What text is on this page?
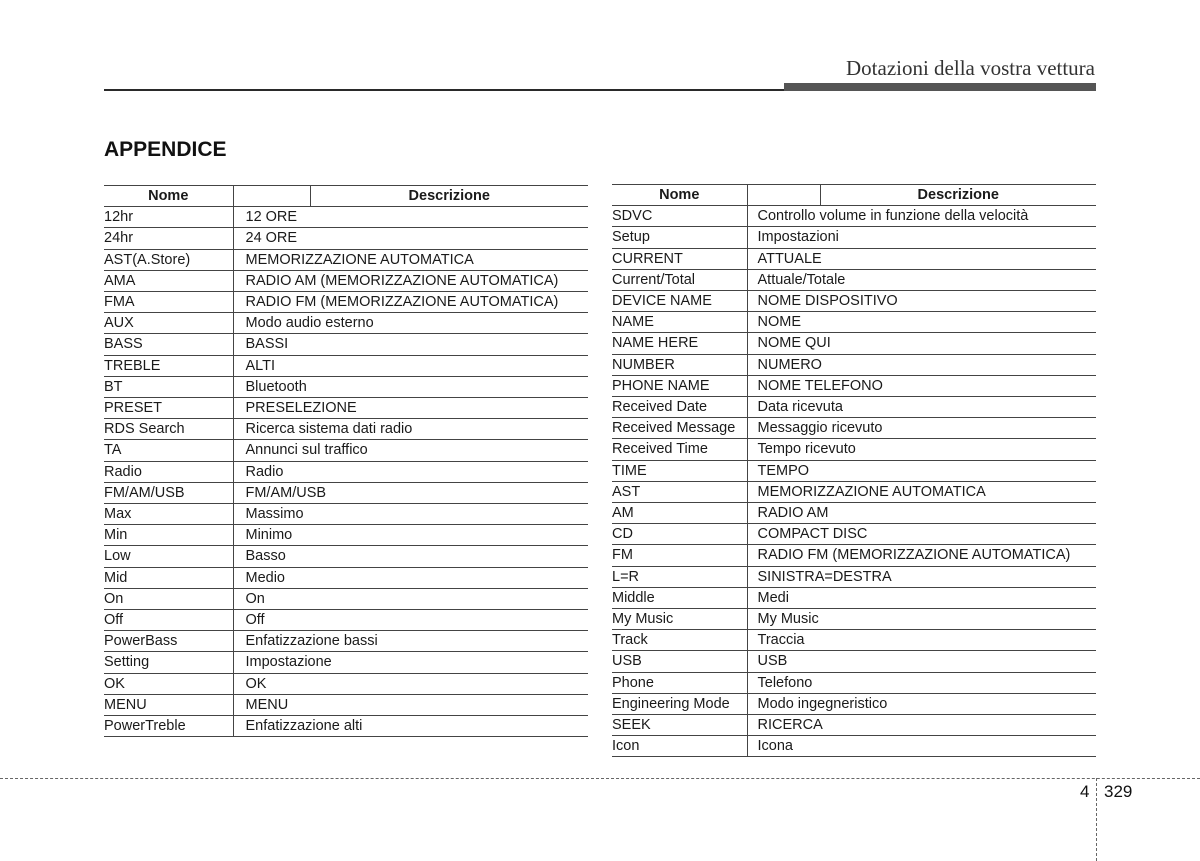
Dotazioni della vostra vettura
APPENDICE
Nome		Descrizione
12hr	12 ORE	
24hr	24 ORE	
AST(A.Store)	MEMORIZZAZIONE AUTOMATICA	
AMA	RADIO AM (MEMORIZZAZIONE AUTOMATICA)	
FMA	RADIO FM (MEMORIZZAZIONE AUTOMATICA)	
AUX	Modo audio esterno	
BASS	BASSI	
TREBLE	ALTI	
BT	Bluetooth	
PRESET	PRESELEZIONE	
RDS Search	Ricerca sistema dati radio	
TA	Annunci sul traffico	
Radio	Radio	
FM/AM/USB	FM/AM/USB	
Max	Massimo	
Min	Minimo	
Low	Basso	
Mid	Medio	
On	On	
Off	Off	
PowerBass	Enfatizzazione bassi	
Setting	Impostazione	
OK	OK	
MENU	MENU	
PowerTreble	Enfatizzazione alti	
Nome		Descrizione
SDVC	Controllo volume in funzione della velocità	
Setup	Impostazioni	
CURRENT	ATTUALE	
Current/Total	Attuale/Totale	
DEVICE NAME	NOME DISPOSITIVO	
NAME	NOME	
NAME HERE	NOME QUI	
NUMBER	NUMERO	
PHONE NAME	NOME TELEFONO	
Received Date	Data ricevuta	
Received Message	Messaggio ricevuto	
Received Time	Tempo ricevuto	
TIME	TEMPO	
AST	MEMORIZZAZIONE AUTOMATICA	
AM	RADIO AM	
CD	COMPACT DISC	
FM	RADIO FM (MEMORIZZAZIONE AUTOMATICA)	
L=R	SINISTRA=DESTRA	
Middle	Medi	
My Music	My Music	
Track	Traccia	
USB	USB	
Phone	Telefono	
Engineering Mode	Modo ingegneristico	
SEEK	RICERCA	
Icon	Icona	
4 329
